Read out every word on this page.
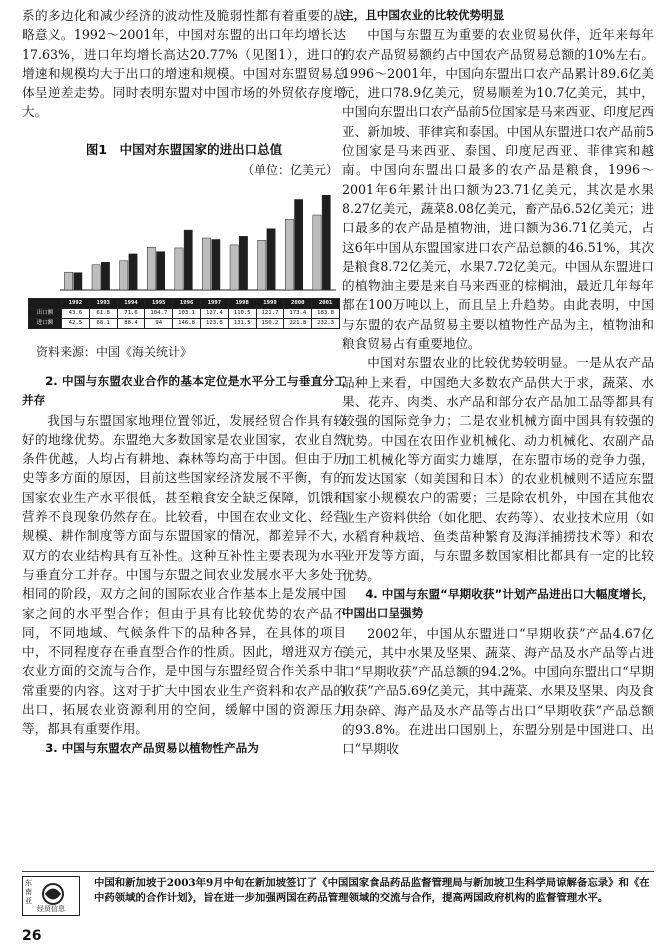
系的多边化和减少经济的波动性及脆弱性都有着重要的战略意义。1992～2001年，中国对东盟的出口年均增长达17.63%，进口年均增长高达20.77%（见图1），进口的增速和规模均大于出口的增速和规模。中国对东盟贸易总体呈逆差走势。同时表明东盟对中国市场的外贸依存度增大。

图1　中国对东盟国家的进出口总值
（单位：亿美元）
	1992	1993	1994	1995	1996	1997	1998	1999	2000	2001
出口额	43.6	61.8	71.6	104.7	103.1	127.4	110.5	121.7	173.4	183.8
进口额	42.5	68.1	88.4	94	146.8	123.8	131.5	150.2	221.8	232.3
资料来源：中国《海关统计》

2. 中国与东盟农业合作的基本定位是水平分工与垂直分工并存

我国与东盟国家地理位置邻近，发展经贸合作具有较好的地缘优势。东盟绝大多数国家是农业国家，农业自然条件优越，人均占有耕地、森林等均高于中国。但由于历史等多方面的原因，目前这些国家经济发展不平衡，有的国家农业生产水平很低，甚至粮食安全缺乏保障，饥饿和营养不良现象仍然存在。比较看，中国在农业文化、经营规模、耕作制度等方面与东盟国家的情况，都差异不大，双方的农业结构具有互补性。这种互补性主要表现为水平与垂直分工并存。中国与东盟之间农业发展水平大多处于相同的阶段，双方之间的国际农业合作基本上是发展中国家之间的水平型合作；但由于具有比较优势的农产品不同，不同地域、气候条件下的品种各异，在具体的项目中，不同程度存在垂直型合作的性质。因此，增进双方在农业方面的交流与合作，是中国与东盟经贸合作关系中非常重要的内容。这对于扩大中国农业生产资料和农产品的出口，拓展农业资源利用的空间，缓解中国的资源压力等，都具有重要作用。

3. 中国与东盟农产品贸易以植物性产品为

主，且中国农业的比较优势明显

中国与东盟互为重要的农业贸易伙伴，近年来每年的农产品贸易额约占中国农产品贸易总额的10%左右。1996～2001年，中国向东盟出口农产品累计89.6亿美元，进口78.9亿美元，贸易顺差为10.7亿美元，其中，中国向东盟出口农产品前5位国家是马来西亚、印度尼西亚、新加坡、菲律宾和泰国。中国从东盟进口农产品前5位国家是马来西亚、泰国、印度尼西亚、菲律宾和越南。中国向东盟出口最多的农产品是粮食，1996～2001年6年累计出口额为23.71亿美元，其次是水果8.27亿美元，蔬菜8.08亿美元，畜产品6.52亿美元；进口最多的农产品是植物油，进口额为36.71亿美元，占这6年中国从东盟国家进口农产品总额的46.51%，其次是粮食8.72亿美元，水果7.72亿美元。中国从东盟进口的植物油主要是来自马来西亚的棕榈油，最近几年每年都在100万吨以上，而且呈上升趋势。由此表明，中国与东盟的农产品贸易主要以植物性产品为主，植物油和粮食贸易占有重要地位。

中国对东盟农业的比较优势较明显。一是从农产品品种上来看，中国绝大多数农产品供大于求，蔬菜、水果、花卉、肉类、水产品和部分农产品加工品等都具有较强的国际竞争力；二是农业机械方面中国具有较强的优势。中国在农田作业机械化、动力机械化、农副产品加工机械化等方面实力雄厚，在东盟市场的竞争力强，而发达国家（如美国和日本）的农业机械则不适应东盟国家小规模农户的需要；三是除农机外，中国在其他农业生产资料供给（如化肥、农药等）、农业技术应用（如水稻育种栽培、鱼类苗种繁育及海洋捕捞技术等）和农业开发等方面，与东盟多数国家相比都具有一定的比较优势。

4. 中国与东盟“早期收获”计划产品进出口大幅度增长，中国出口呈强势

2002年，中国从东盟进口“早期收获”产品4.67亿美元，其中水果及坚果、蔬菜、海产品及水产品等占进口“早期收获”产品总额的94.2%。中国向东盟出口“早期收获”产品5.69亿美元，其中蔬菜、水果及坚果、肉及食用杂碎、海产品及水产品等占出口“早期收获”产品总额的93.8%。在进出口国别上，东盟分别是中国进口、出口“早期收

东南亚
经贸信息
中国和新加坡于2003年9月中旬在新加坡签订了《中国国家食品药品监督管理局与新加坡卫生科学局谅解备忘录》和《在中药领域的合作计划》，旨在进一步加强两国在药品管理领域的交流与合作，提高两国政府机构的监督管理水平。
26
